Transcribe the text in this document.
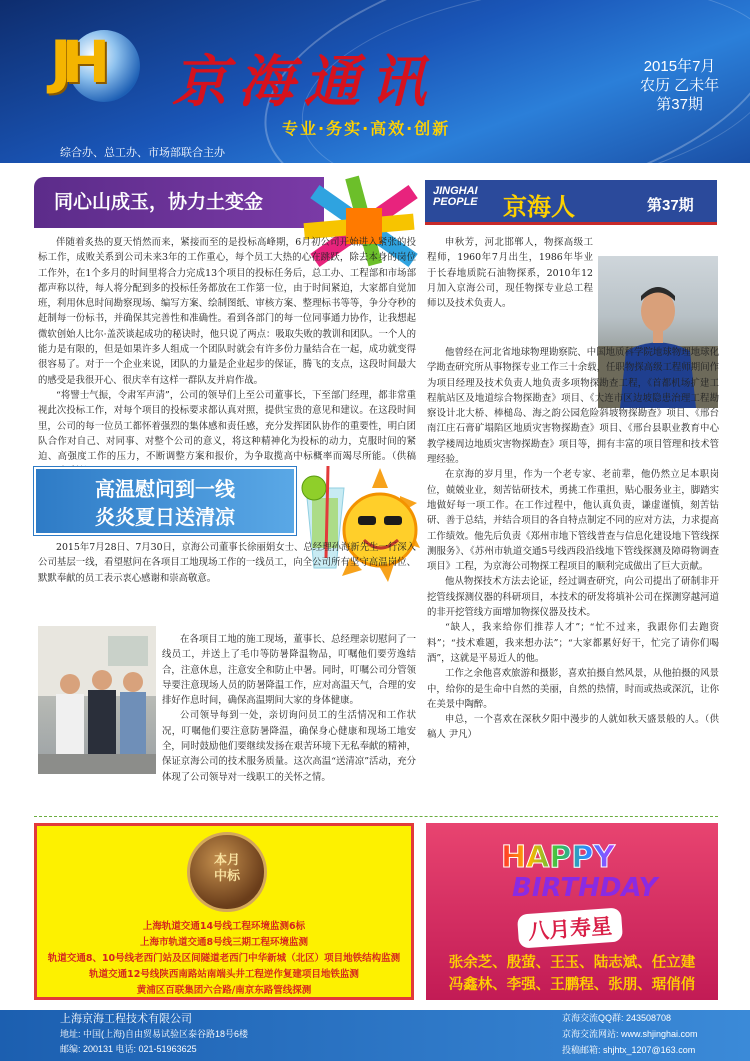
JH 京海通讯
专业·务实·高效·创新
2015年7月
农历 乙未年
第37期
综合办、总工办、市场部联合主办
同心山成玉，协力土变金

伴随着炙热的夏天悄然而来，紧接而至的是投标高峰期，6月初公司开始进入紧张的投标工作，成败关系到公司未来3年的工作重心，每个员工大热的心在跳跃，除去本身的岗位工作外，在1个多月的时间里将合力完成13个项目的投标任务后，总工办、工程部和市场部都声称以待，每人将分配到多的投标任务都放在工作第一位，由于时间紧迫，大家都自觉加班，利用休息时间勘察现场、编写方案、绘制图纸、审核方案、整理标书等等，争分夺秒的赶制每一份标书，并确保其完善性和准确性。看到各部门的每一位同事通力协作，让我想起微软创始人比尔·盖茨谈起成功的秘诀时，他只说了两点：吸取失败的教训和团队。一个人的能力是有限的，但是如果许多人组成一个团队时就会有许多份力量结合在一起，成功就变得很容易了。对于一个企业来说，团队的力量是企业起步的保证，腾飞的支点，这段时间最大的感受是我很开心、很庆幸有这样一群队友并肩作战。

“将譬士气振，令肃军声清”，公司的领导们上至公司董事长，下至部门经理，都非常重视此次投标工作，对每个项目的投标要求都认真对照，提供宝贵的意见和建议。在这段时间里，公司的每一位员工都怀着强烈的集体感和责任感，充分发挥团队协作的重要性，明白团队合作对自己、对同事、对整个公司的意义，将这种精神化为投标的动力，克服时间的紧迫、高强度工作的压力，不断调整方案和报价，为争取揽高中标概率而竭尽所能。（供稿

JINGHAI
PEOPLE 京海人	第37期

申秋芳，河北邯郸人，物探高级工程师，1960年7月出生，1986年毕业于长春地质院石油物探系，2010年12月加入京海公司，现任物探专业总工程师以及技术负责人。

他曾经在河北省地球物理勘察院、中国地质科学院地球物理地球化学勘查研究所从事物探专业工作三十余载，任职物探高级工程师期间作为项目经理及技术负责人地负责多项物探勘查工程，《首都机场扩建工程航站区及地道综合物探勘查》项目、《大连市区边坡隐患治理工程勘察设计北大桥、棒槌岛、海之韵公园危险斜坡物探勘查》项目、《邢台南江庄石膏矿塌陷区地质灾害物探勘查》项目、《邢台县职业教育中心教学楼周边地质灾害物探勘查》项目等，拥有丰富的项目管理和技术管理经验。

在京海的岁月里，作为一个老专家、老前辈，他仍然立足本职岗位，兢兢业业，刻苦钻研技术，勇挑工作重担，贴心服务业主，脚踏实地做好每一项工作。在工作过程中，他认真负责，谦虚谨慎，刻苦钻研、善于总结，并结合项目的各自特点制定不同的应对方法，力求提高工作绩效。他先后负责《郑州市地下管线普查与信息化建设地下管线探测服务》、《苏州市轨道交通5号线西段沿线地下管线探测及障碍物调查项目》工程，为京海公司物探工程项目的顺利完成做出了巨大贡献。

他从物探技术方法去论证，经过调查研究，向公司提出了研制非开挖管线探测仪器的科研项目，本技术的研发将填补公司在探测穿越河道的非开挖管线方面增加物探仪器及技术。

“缺人，我来给你们推荐人才”；“忙不过来，我跟你们去跑资料”；“技术难题，我来想办法”；“大家都累好好干，忙完了请你们喝酒”，这就是平易近人的他。

工作之余他喜欢旅游和摄影，喜欢拍摄自然风景，从他拍摄的风景中，给你的是生命中自然的美丽，自然的热情，时而或热或深沉，让你在美景中陶醉。

申总，一个喜欢在深秋夕阳中漫步的人就如秋天盛景般的人。（供稿人 尹凡）

高温慰问到一线
炎炎夏日送清凉

2015年7月28日、7月30日，京海公司董事长徐丽娟女士、总经理孙海新先生一行深入公司基层一线，看望慰问在各项目工地现场工作的一线员工，向全公司所有坚守高温岗位、默默奉献的员工表示衷心感谢和崇高敬意。

在各项目工地的施工现场，董事长、总经理亲切慰问了一线员工，并送上了毛巾等防暑降温物品，叮嘱他们要劳逸结合，注意休息，注意安全和防止中暑。同时，叮嘱公司分管领导要注意现场人员的防暑降温工作，应对高温天气，合理的安排好作息时间，确保高温期间大家的身体健康。

公司领导每到一处，亲切询问员工的生活情况和工作状况，叮嘱他们要注意防暑降温，确保身心健康和现场工地安全，同时鼓励他们要继续发扬在艰苦环境下无私奉献的精神，保证京海公司的技术服务质量。这次高温“送清凉”活动，充分体现了公司领导对一线职工的关怀之情。

本月
中标
上海轨道交通14号线工程环境监测6标
上海市轨道交通8号线三期工程环境监测
轨道交通8、10号线老西门站及区间隧道老西门中华新城（北区）项目地铁结构监测
轨道交通12号线陕西南路站南端头井工程逆作复建项目地铁监测
黄浦区百联集团六合路/南京东路管线探测
HAPPY
BIRTHDAY
八月寿星
张余芝、殷萤、王玉、陆志斌、任立建
冯鑫林、李强、王鹏程、张朋、琚俏俏
上海京海工程技术有限公司
地址: 中国(上海)自由贸易试验区泰谷路18号6楼
邮编: 200131 电话: 021-51963625
京海交流QQ群: 243508708
京海交流网站: www.shjinghai.com
投稿邮箱: shjhtx_1207@163.com
